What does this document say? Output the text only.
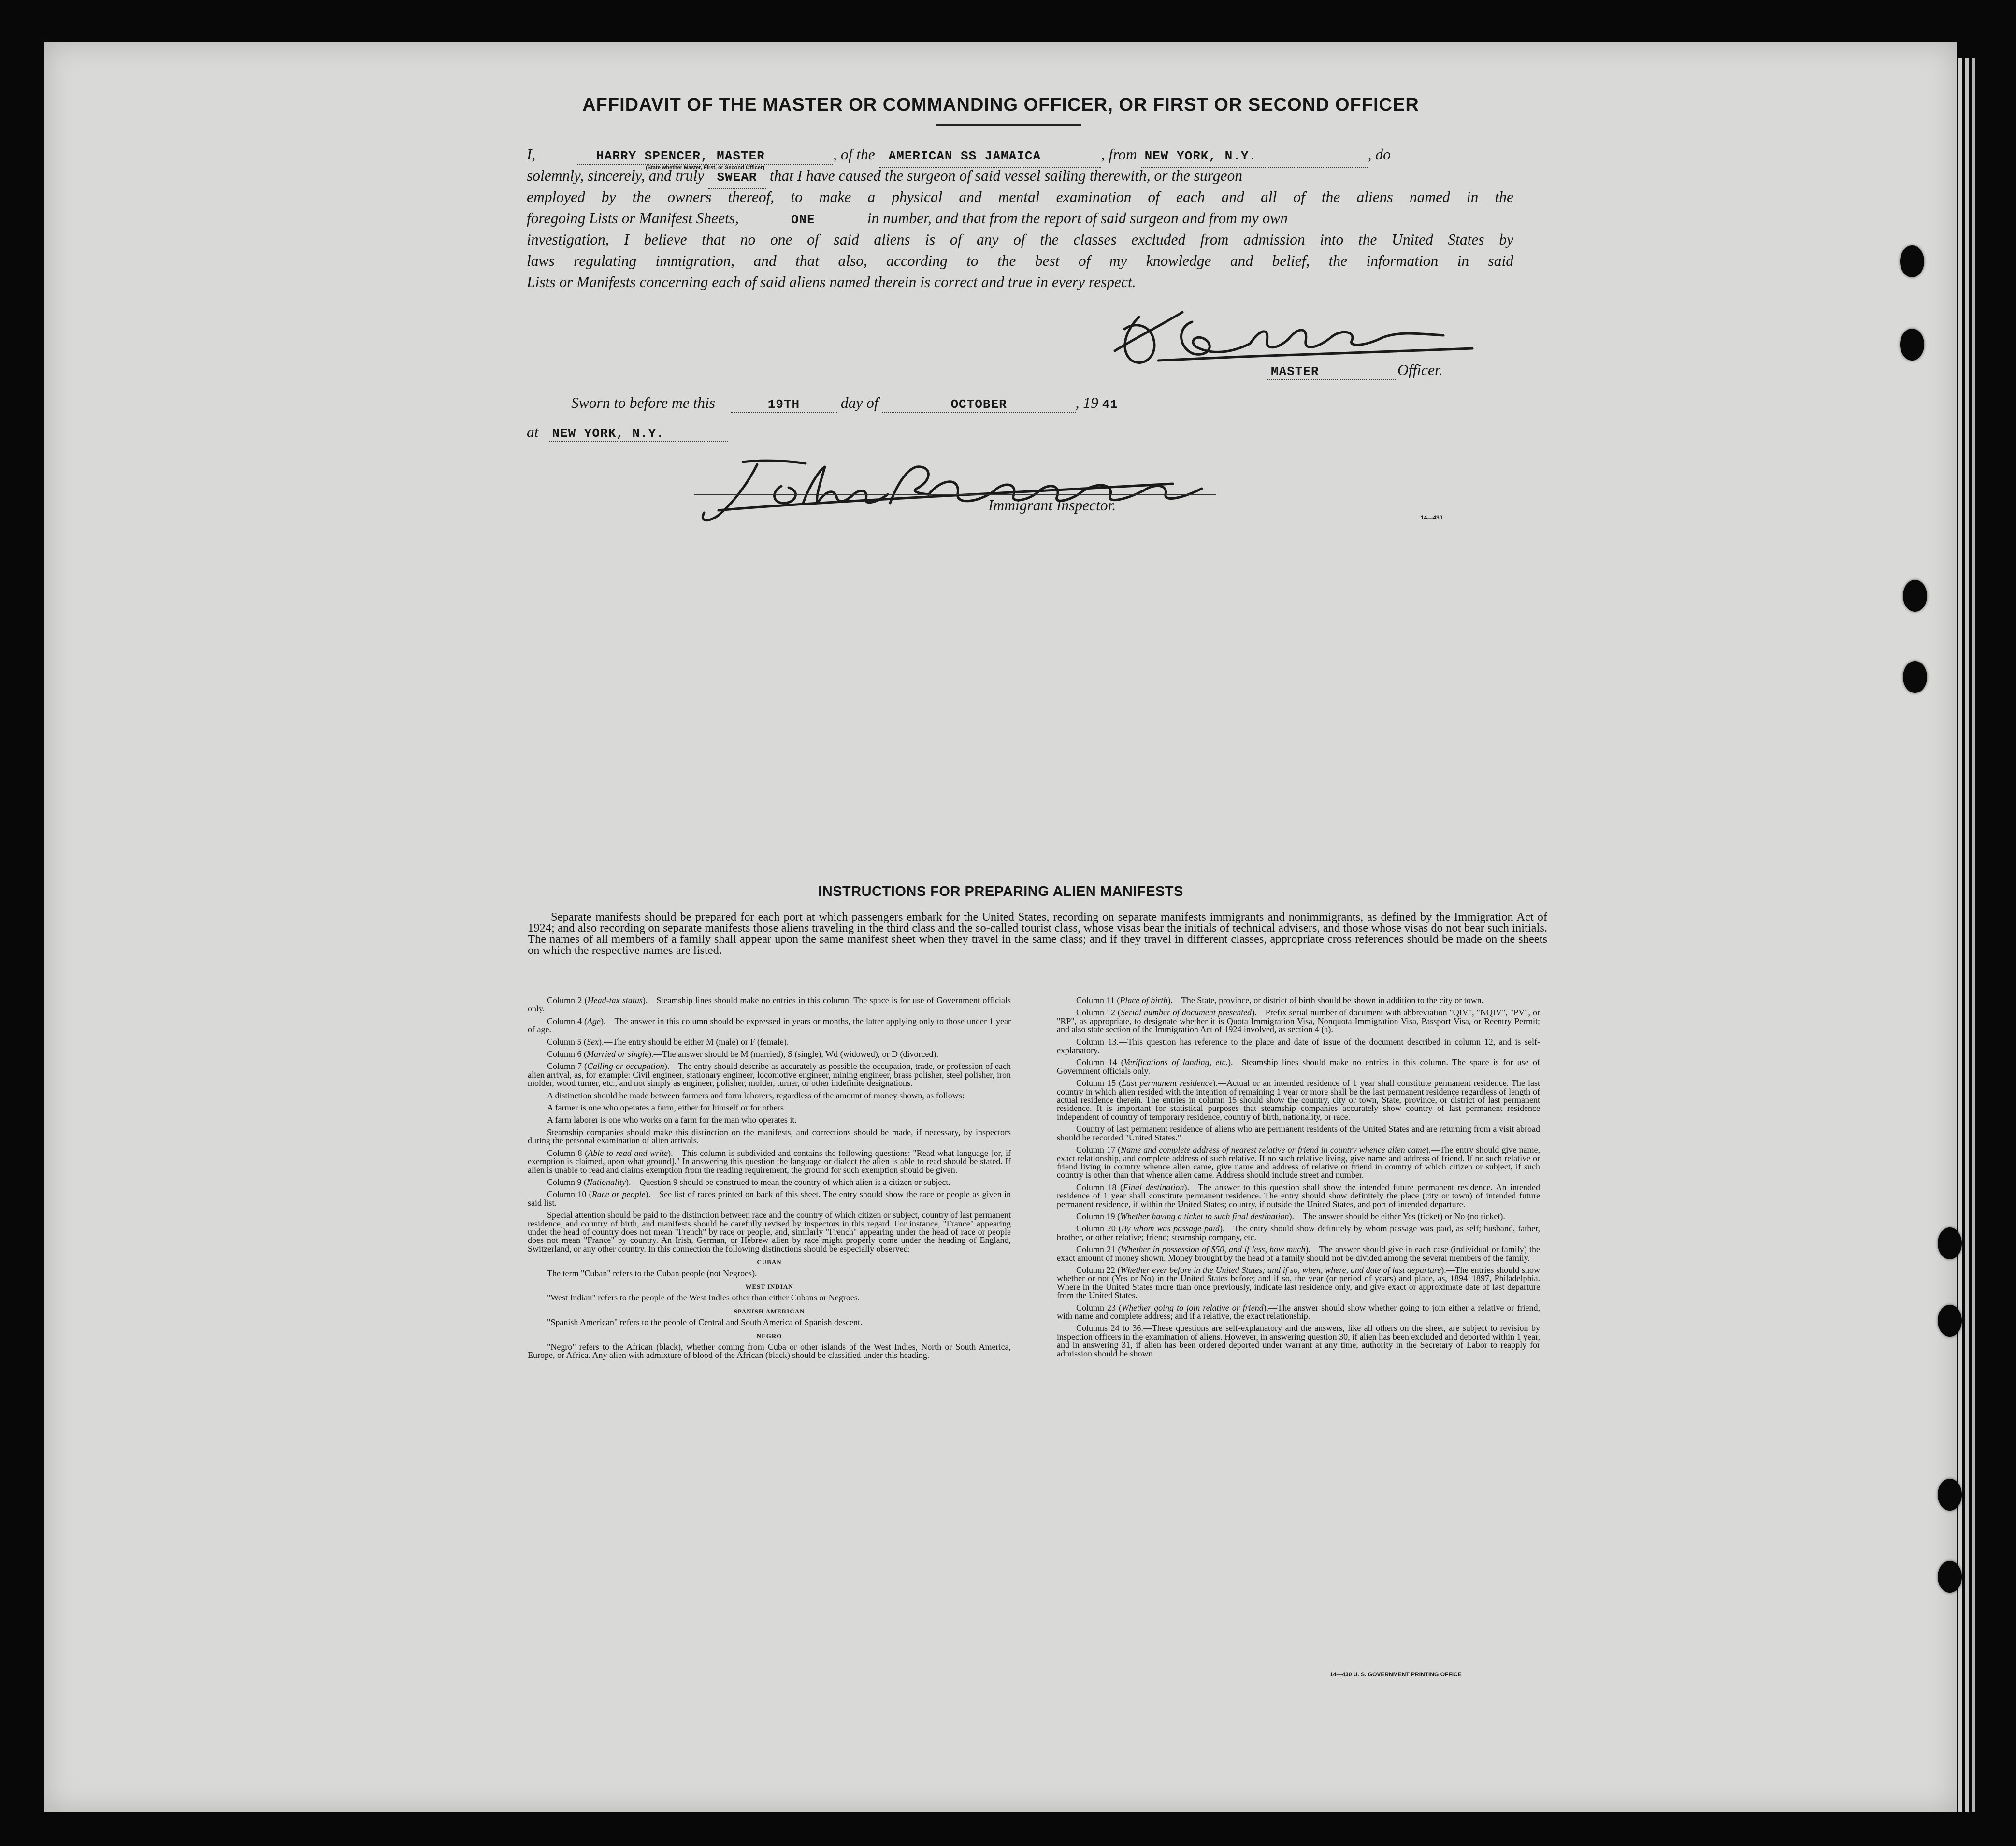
AFFIDAVIT OF THE MASTER OR COMMANDING OFFICER, OR FIRST OR SECOND OFFICER
I,	HARRY SPENCER, MASTER
(State whether Master, First, or Second Officer)
, of the AMERICAN SS JAMAICA	, from NEW YORK, N.Y.	, do
solemnly, sincerely, and truly SWEAR that I have caused the surgeon of said vessel sailing therewith, or the surgeon
employed by the owners thereof, to make a physical and mental examination of each and all of the aliens named in the
foregoing Lists or Manifest Sheets,	ONE	in number, and that from the report of said surgeon and from my own
investigation, I believe that no one of said aliens is of any of the classes excluded from admission into the United States by
laws regulating immigration, and that also, according to the best of my knowledge and belief, the information in said
Lists or Manifests concerning each of said aliens named therein is correct and true in every respect.
MASTER	Officer.
Sworn to before me this	19TH	day of	OCTOBER	, 19 41
at NEW YORK, N.Y.
Immigrant Inspector.
14—430
INSTRUCTIONS FOR PREPARING ALIEN MANIFESTS

Separate manifests should be prepared for each port at which passengers embark for the United States, recording on separate manifests immigrants and nonimmigrants, as defined by the Immigration Act of 1924; and also recording on separate manifests those aliens traveling in the third class and the so-called tourist class, whose visas bear the initials of technical advisers, and those whose visas do not bear such initials. The names of all members of a family shall appear upon the same manifest sheet when they travel in the same class; and if they travel in different classes, appropriate cross references should be made on the sheets on which the respective names are listed.

Column 2 (Head-tax status).—Steamship lines should make no entries in this column. The space is for use of Government officials only.

Column 4 (Age).—The answer in this column should be expressed in years or months, the latter applying only to those under 1 year of age.

Column 5 (Sex).—The entry should be either M (male) or F (female).

Column 6 (Married or single).—The answer should be M (married), S (single), Wd (widowed), or D (divorced).

Column 7 (Calling or occupation).—The entry should describe as accurately as possible the occupation, trade, or profession of each alien arrival, as, for example: Civil engineer, stationary engineer, locomotive engineer, mining engineer, brass polisher, steel polisher, iron molder, wood turner, etc., and not simply as engineer, polisher, molder, turner, or other indefinite designations.

A distinction should be made between farmers and farm laborers, regardless of the amount of money shown, as follows:

A farmer is one who operates a farm, either for himself or for others.

A farm laborer is one who works on a farm for the man who operates it.

Steamship companies should make this distinction on the manifests, and corrections should be made, if necessary, by inspectors during the personal examination of alien arrivals.

Column 8 (Able to read and write).—This column is subdivided and contains the following questions: "Read what language [or, if exemption is claimed, upon what ground]." In answering this question the language or dialect the alien is able to read should be stated. If alien is unable to read and claims exemption from the reading requirement, the ground for such exemption should be given.

Column 9 (Nationality).—Question 9 should be construed to mean the country of which alien is a citizen or subject.

Column 10 (Race or people).—See list of races printed on back of this sheet. The entry should show the race or people as given in said list.

Special attention should be paid to the distinction between race and the country of which citizen or subject, country of last permanent residence, and country of birth, and manifests should be carefully revised by inspectors in this regard. For instance, "France" appearing under the head of country does not mean "French" by race or people, and, similarly "French" appearing under the head of race or people does not mean "France" by country. An Irish, German, or Hebrew alien by race might properly come under the heading of England, Switzerland, or any other country. In this connection the following distinctions should be especially observed:

CUBAN

The term "Cuban" refers to the Cuban people (not Negroes).

WEST INDIAN

"West Indian" refers to the people of the West Indies other than either Cubans or Negroes.

SPANISH AMERICAN

"Spanish American" refers to the people of Central and South America of Spanish descent.

NEGRO

"Negro" refers to the African (black), whether coming from Cuba or other islands of the West Indies, North or South America, Europe, or Africa. Any alien with admixture of blood of the African (black) should be classified under this heading.

Column 11 (Place of birth).—The State, province, or district of birth should be shown in addition to the city or town.

Column 12 (Serial number of document presented).—Prefix serial number of document with abbreviation "QIV", "NQIV", "PV", or "RP", as appropriate, to designate whether it is Quota Immigration Visa, Nonquota Immigration Visa, Passport Visa, or Reentry Permit; and also state section of the Immigration Act of 1924 involved, as section 4 (a).

Column 13.—This question has reference to the place and date of issue of the document described in column 12, and is self-explanatory.

Column 14 (Verifications of landing, etc.).—Steamship lines should make no entries in this column. The space is for use of Government officials only.

Column 15 (Last permanent residence).—Actual or an intended residence of 1 year shall constitute permanent residence. The last country in which alien resided with the intention of remaining 1 year or more shall be the last permanent residence regardless of length of actual residence therein. The entries in column 15 should show the country, city or town, State, province, or district of last permanent residence. It is important for statistical purposes that steamship companies accurately show country of last permanent residence independent of country of temporary residence, country of birth, nationality, or race.

Country of last permanent residence of aliens who are permanent residents of the United States and are returning from a visit abroad should be recorded "United States."

Column 17 (Name and complete address of nearest relative or friend in country whence alien came).—The entry should give name, exact relationship, and complete address of such relative. If no such relative living, give name and address of friend. If no such relative or friend living in country whence alien came, give name and address of relative or friend in country of which citizen or subject, if such country is other than that whence alien came. Address should include street and number.

Column 18 (Final destination).—The answer to this question shall show the intended future permanent residence. An intended residence of 1 year shall constitute permanent residence. The entry should show definitely the place (city or town) of intended future permanent residence, if within the United States; country, if outside the United States, and port of intended departure.

Column 19 (Whether having a ticket to such final destination).—The answer should be either Yes (ticket) or No (no ticket).

Column 20 (By whom was passage paid).—The entry should show definitely by whom passage was paid, as self; husband, father, brother, or other relative; friend; steamship company, etc.

Column 21 (Whether in possession of $50, and if less, how much).—The answer should give in each case (individual or family) the exact amount of money shown. Money brought by the head of a family should not be divided among the several members of the family.

Column 22 (Whether ever before in the United States; and if so, when, where, and date of last departure).—The entries should show whether or not (Yes or No) in the United States before; and if so, the year (or period of years) and place, as, 1894–1897, Philadelphia. Where in the United States more than once previously, indicate last residence only, and give exact or approximate date of last departure from the United States.

Column 23 (Whether going to join relative or friend).—The answer should show whether going to join either a relative or friend, with name and complete address; and if a relative, the exact relationship.

Columns 24 to 36.—These questions are self-explanatory and the answers, like all others on the sheet, are subject to revision by inspection officers in the examination of aliens. However, in answering question 30, if alien has been excluded and deported within 1 year, and in answering 31, if alien has been ordered deported under warrant at any time, authority in the Secretary of Labor to reapply for admission should be shown.

14—430 U. S. GOVERNMENT PRINTING OFFICE
